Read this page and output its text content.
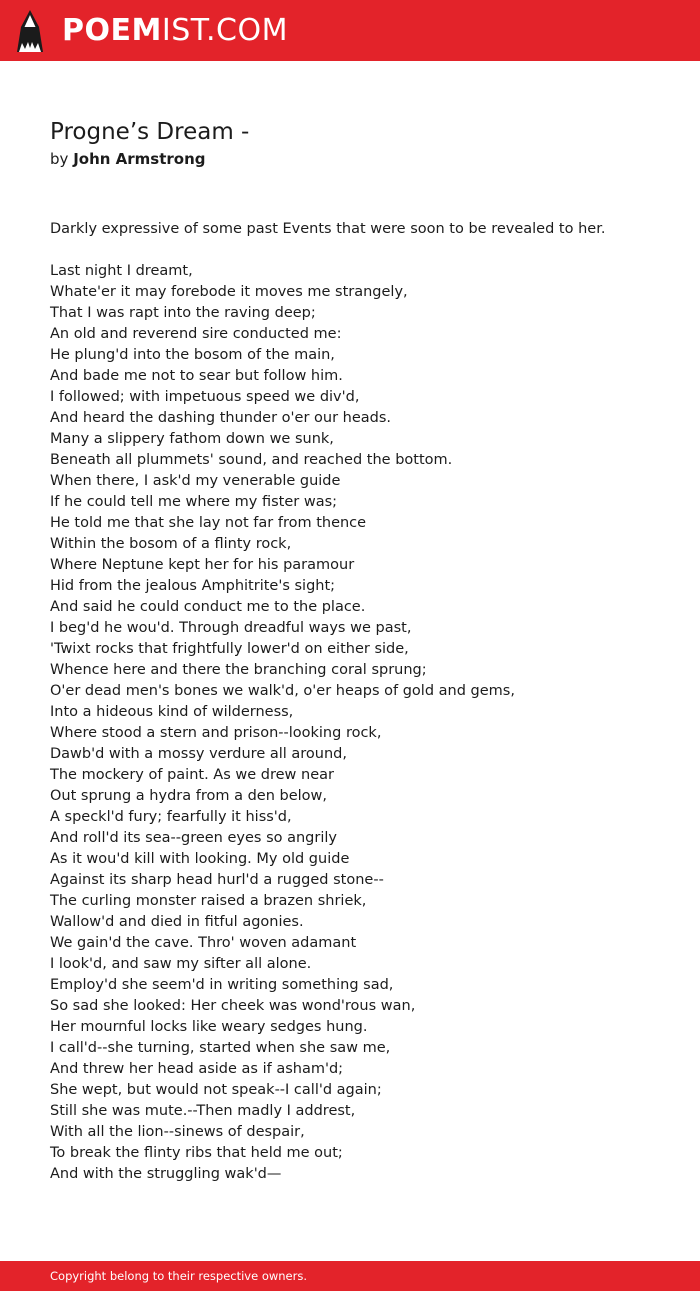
POEMIST.COM
Progne’s Dream -
by John Armstrong

Darkly expressive of some past Events that were soon to be revealed to her.

Last night I dreamt,
Whate'er it may forebode it moves me strangely,
That I was rapt into the raving deep;
An old and reverend sire conducted me:
He plung'd into the bosom of the main,
And bade me not to sear but follow him.
I followed; with impetuous speed we div'd,
And heard the dashing thunder o'er our heads.
Many a slippery fathom down we sunk,
Beneath all plummets' sound, and reached the bottom.
When there, I ask'd my venerable guide
If he could tell me where my fister was;
He told me that she lay not far from thence
Within the bosom of a flinty rock,
Where Neptune kept her for his paramour
Hid from the jealous Amphitrite's sight;
And said he could conduct me to the place.
I beg'd he wou'd. Through dreadful ways we past,
'Twixt rocks that frightfully lower'd on either side,
Whence here and there the branching coral sprung;
O'er dead men's bones we walk'd, o'er heaps of gold and gems,
Into a hideous kind of wilderness,
Where stood a stern and prison--looking rock,
Dawb'd with a mossy verdure all around,
The mockery of paint. As we drew near
Out sprung a hydra from a den below,
A speckl'd fury; fearfully it hiss'd,
And roll'd its sea--green eyes so angrily
As it wou'd kill with looking. My old guide
Against its sharp head hurl'd a rugged stone--
The curling monster raised a brazen shriek,
Wallow'd and died in fitful agonies.
We gain'd the cave. Thro' woven adamant
I look'd, and saw my sifter all alone.
Employ'd she seem'd in writing something sad,
So sad she looked: Her cheek was wond'rous wan,
Her mournful locks like weary sedges hung.
I call'd--she turning, started when she saw me,
And threw her head aside as if asham'd;
She wept, but would not speak--I call'd again;
Still she was mute.--Then madly I addrest,
With all the lion--sinews of despair,
To break the flinty ribs that held me out;
And with the struggling wak'd—
Copyright belong to their respective owners.
